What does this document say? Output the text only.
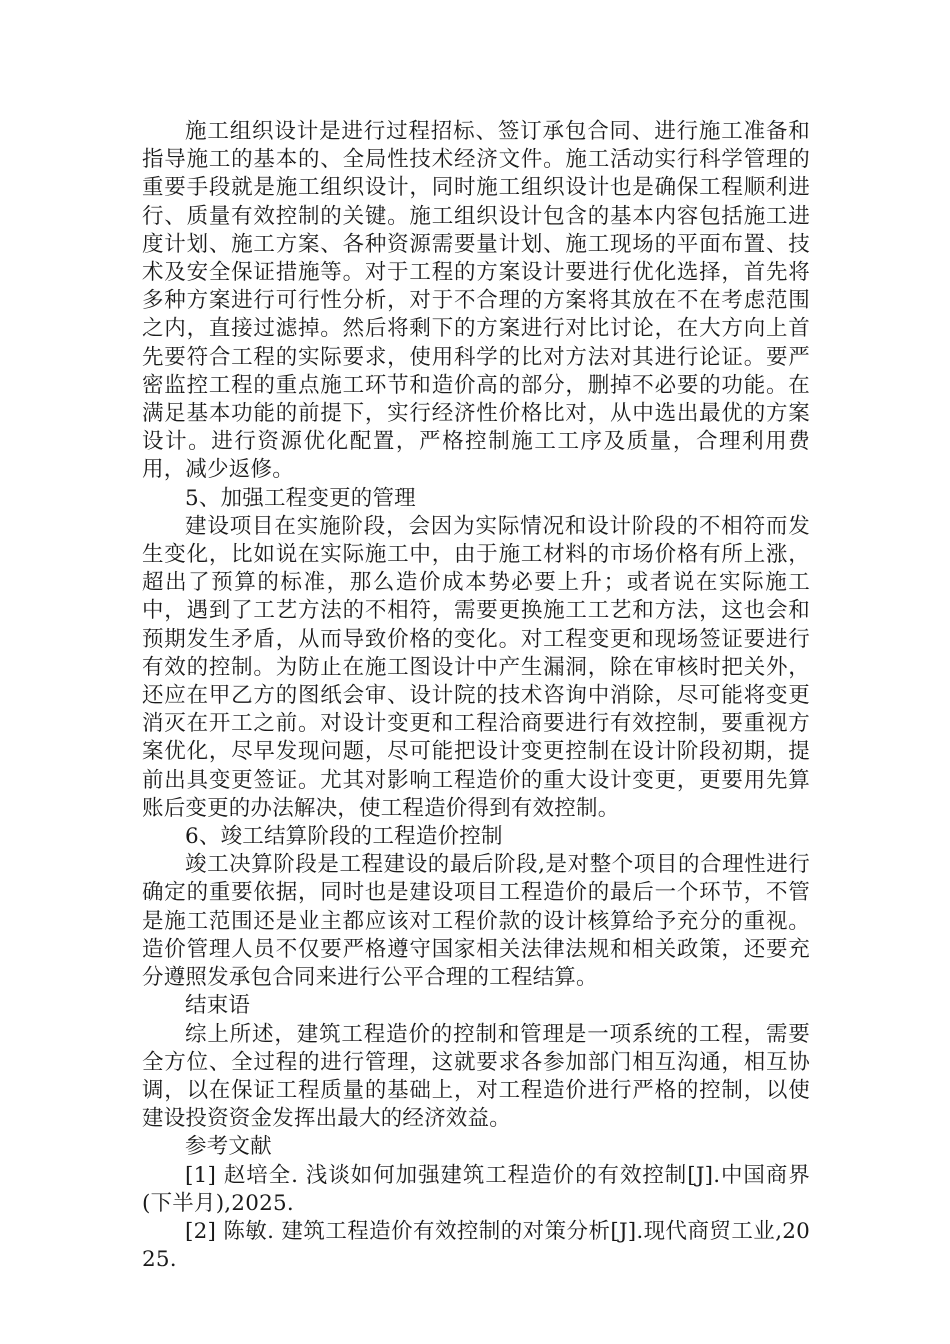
施工组织设计是进行过程招标、签订承包合同、进行施工准备和指导施工的基本的、全局性技术经济文件。施工活动实行科学管理的重要手段就是施工组织设计，同时施工组织设计也是确保工程顺利进行、质量有效控制的关键。施工组织设计包含的基本内容包括施工进度计划、施工方案、各种资源需要量计划、施工现场的平面布置、技术及安全保证措施等。对于工程的方案设计要进行优化选择，首先将多种方案进行可行性分析，对于不合理的方案将其放在不在考虑范围之内，直接过滤掉。然后将剩下的方案进行对比讨论，在大方向上首先要符合工程的实际要求，使用科学的比对方法对其进行论证。要严密监控工程的重点施工环节和造价高的部分，删掉不必要的功能。在满足基本功能的前提下，实行经济性价格比对，从中选出最优的方案设计。进行资源优化配置，严格控制施工工序及质量，合理利用费用，减少返修。

5、加强工程变更的管理

建设项目在实施阶段，会因为实际情况和设计阶段的不相符而发生变化，比如说在实际施工中，由于施工材料的市场价格有所上涨，超出了预算的标准，那么造价成本势必要上升；或者说在实际施工中，遇到了工艺方法的不相符，需要更换施工工艺和方法，这也会和预期发生矛盾，从而导致价格的变化。对工程变更和现场签证要进行有效的控制。为防止在施工图设计中产生漏洞，除在审核时把关外，还应在甲乙方的图纸会审、设计院的技术咨询中消除，尽可能将变更消灭在开工之前。对设计变更和工程洽商要进行有效控制，要重视方案优化，尽早发现问题，尽可能把设计变更控制在设计阶段初期，提前出具变更签证。尤其对影响工程造价的重大设计变更，更要用先算账后变更的办法解决，使工程造价得到有效控制。

6、竣工结算阶段的工程造价控制

竣工决算阶段是工程建设的最后阶段,是对整个项目的合理性进行确定的重要依据，同时也是建设项目工程造价的最后一个环节，不管是施工范围还是业主都应该对工程价款的设计核算给予充分的重视。造价管理人员不仅要严格遵守国家相关法律法规和相关政策，还要充分遵照发承包合同来进行公平合理的工程结算。

结束语

综上所述，建筑工程造价的控制和管理是一项系统的工程，需要全方位、全过程的进行管理，这就要求各参加部门相互沟通，相互协调，以在保证工程质量的基础上，对工程造价进行严格的控制，以使建设投资资金发挥出最大的经济效益。

参考文献

[1] 赵培全. 浅谈如何加强建筑工程造价的有效控制[J].中国商界(下半月),2025.

[2] 陈敏. 建筑工程造价有效控制的对策分析[J].现代商贸工业,2025.
